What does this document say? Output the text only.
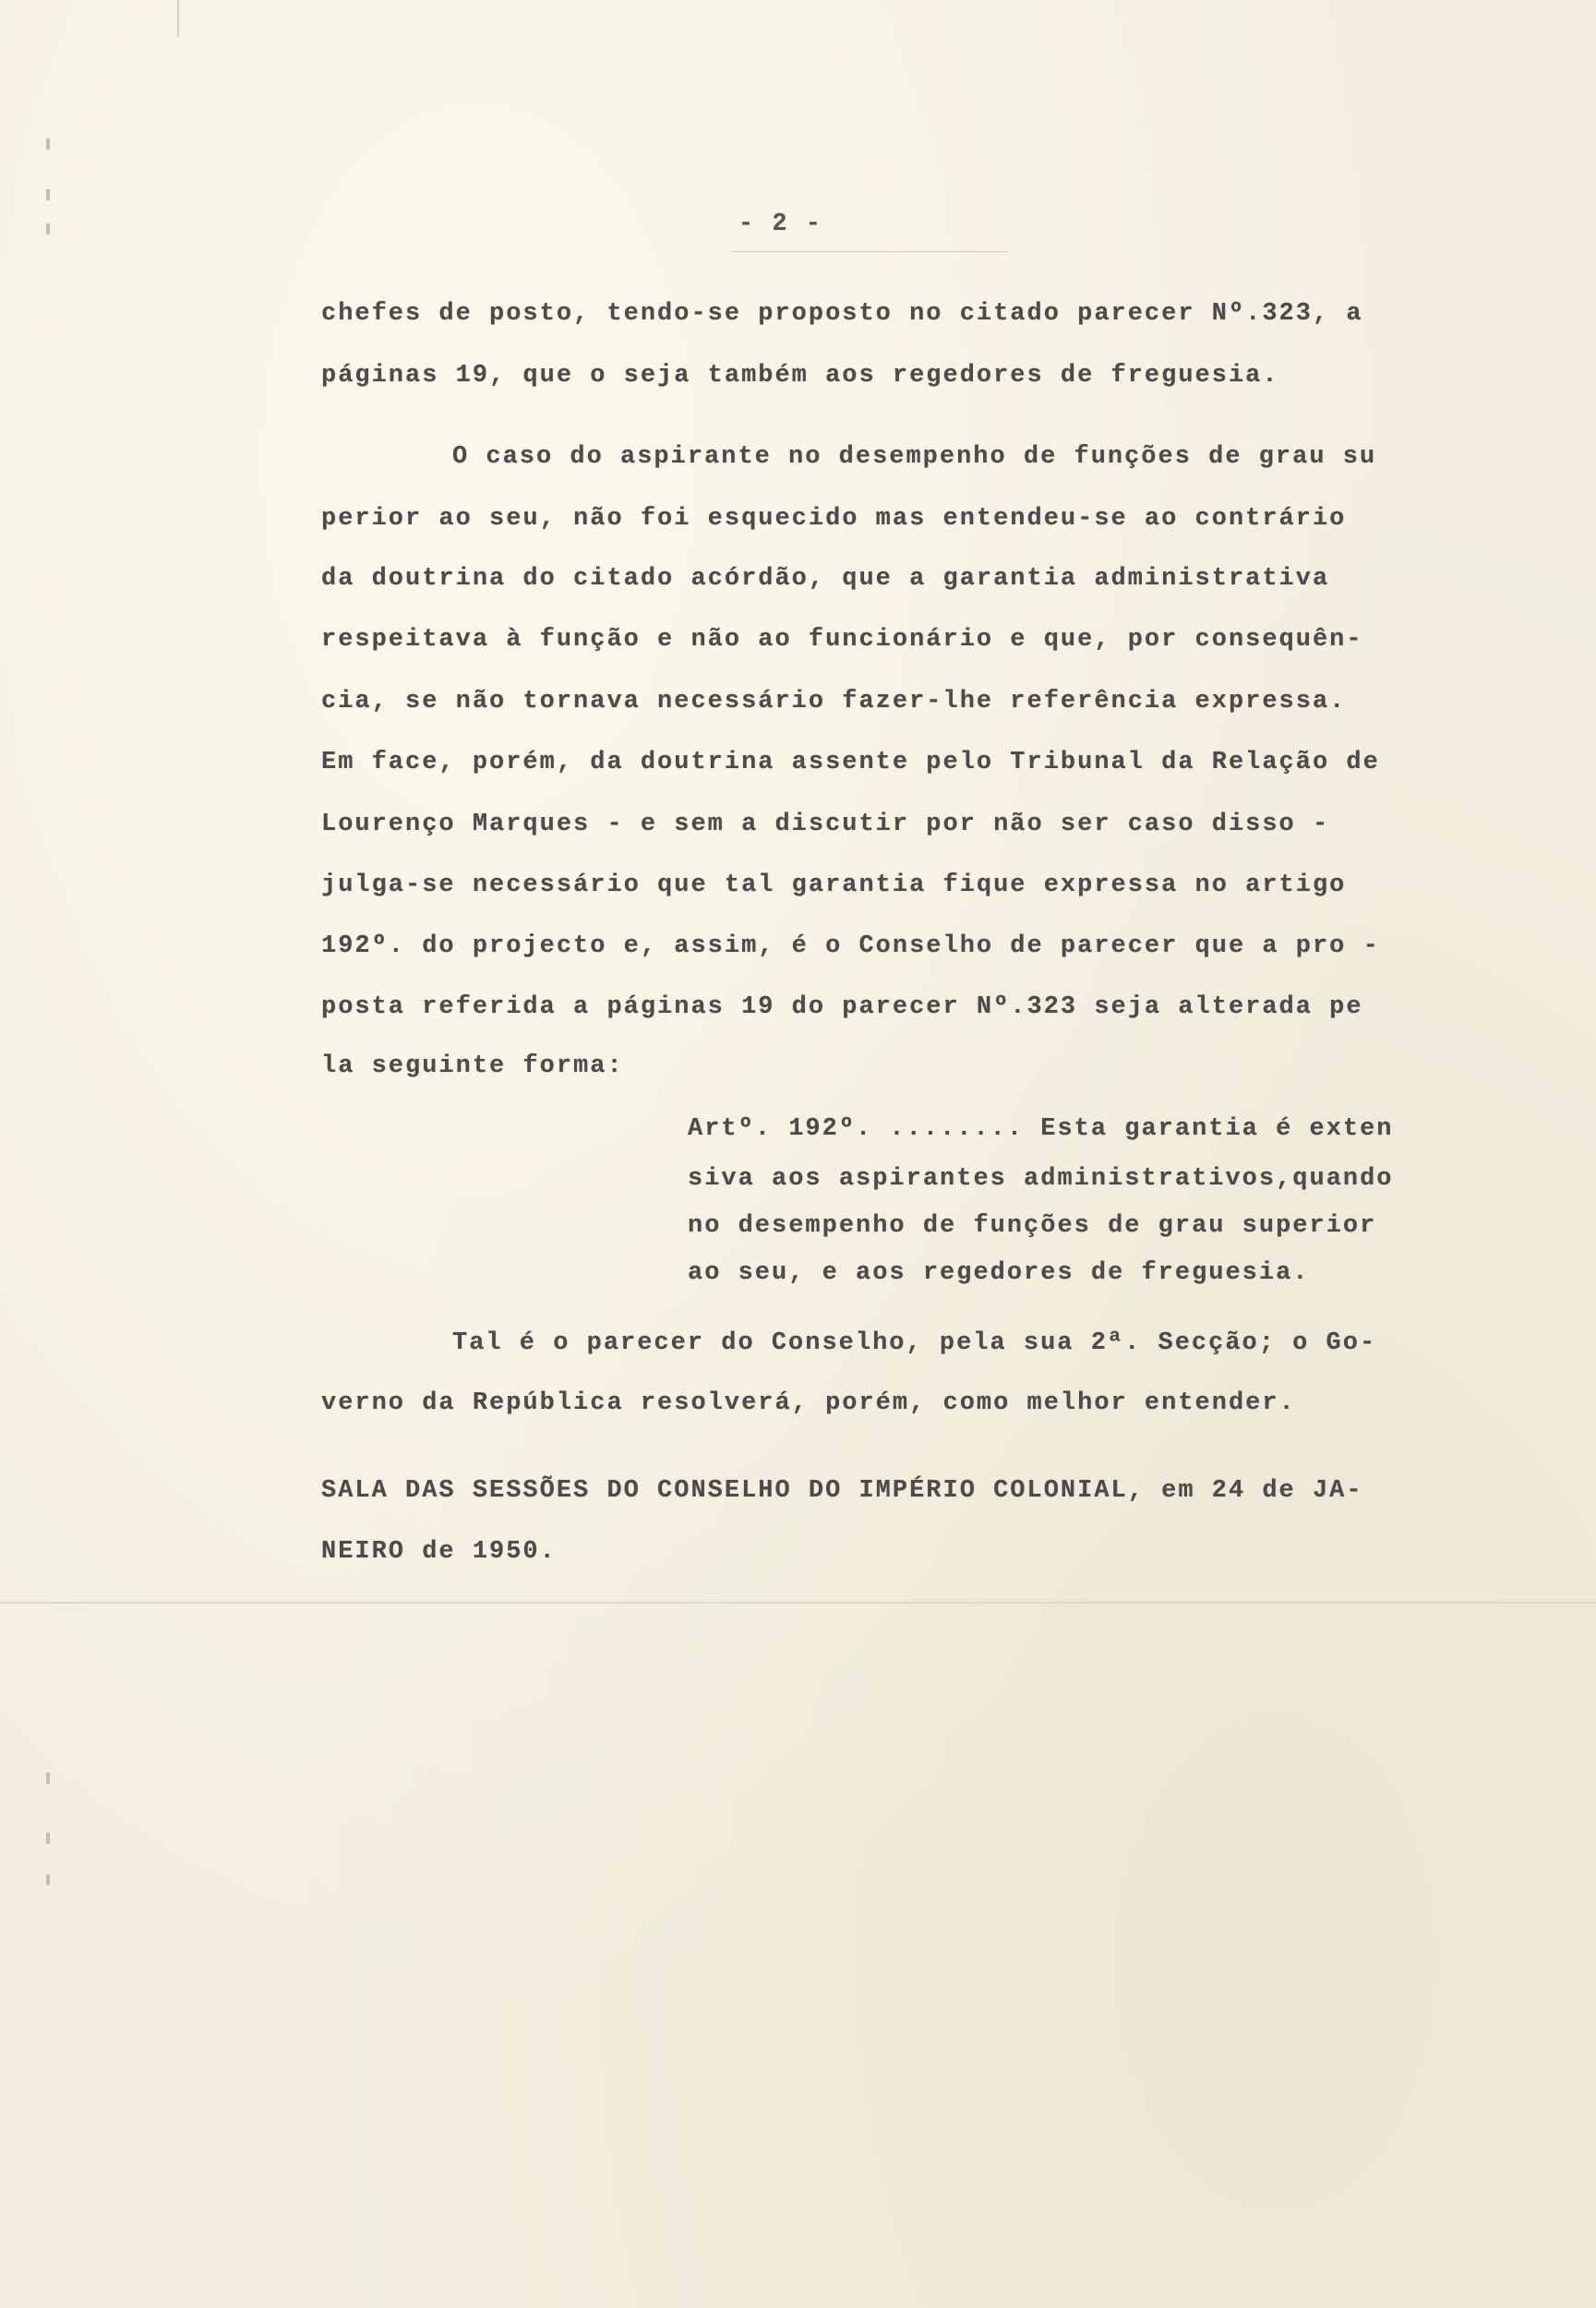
- 2 -
chefes de posto, tendo-se proposto no citado parecer Nº.323, a
páginas 19, que o seja também aos regedores de freguesia.
O caso do aspirante no desempenho de funções de grau su
perior ao seu, não foi esquecido mas entendeu-se ao contrário
da doutrina do citado acórdão, que a garantia administrativa
respeitava à função e não ao funcionário e que, por consequên-
cia, se não tornava necessário fazer-lhe referência expressa.
Em face, porém, da doutrina assente pelo Tribunal da Relação de
Lourenço Marques - e sem a discutir por não ser caso disso -
julga-se necessário que tal garantia fique expressa no artigo
192º. do projecto e, assim, é o Conselho de parecer que a pro -
posta referida a páginas 19 do parecer Nº.323 seja alterada pe
la seguinte forma:
Artº. 192º. ........ Esta garantia é exten
siva aos aspirantes administrativos,quando
no desempenho de funções de grau superior
ao seu, e aos regedores de freguesia.
Tal é o parecer do Conselho, pela sua 2ª. Secção; o Go-
verno da República resolverá, porém, como melhor entender.
SALA DAS SESSÕES DO CONSELHO DO IMPÉRIO COLONIAL, em 24 de JA-
NEIRO de 1950.
